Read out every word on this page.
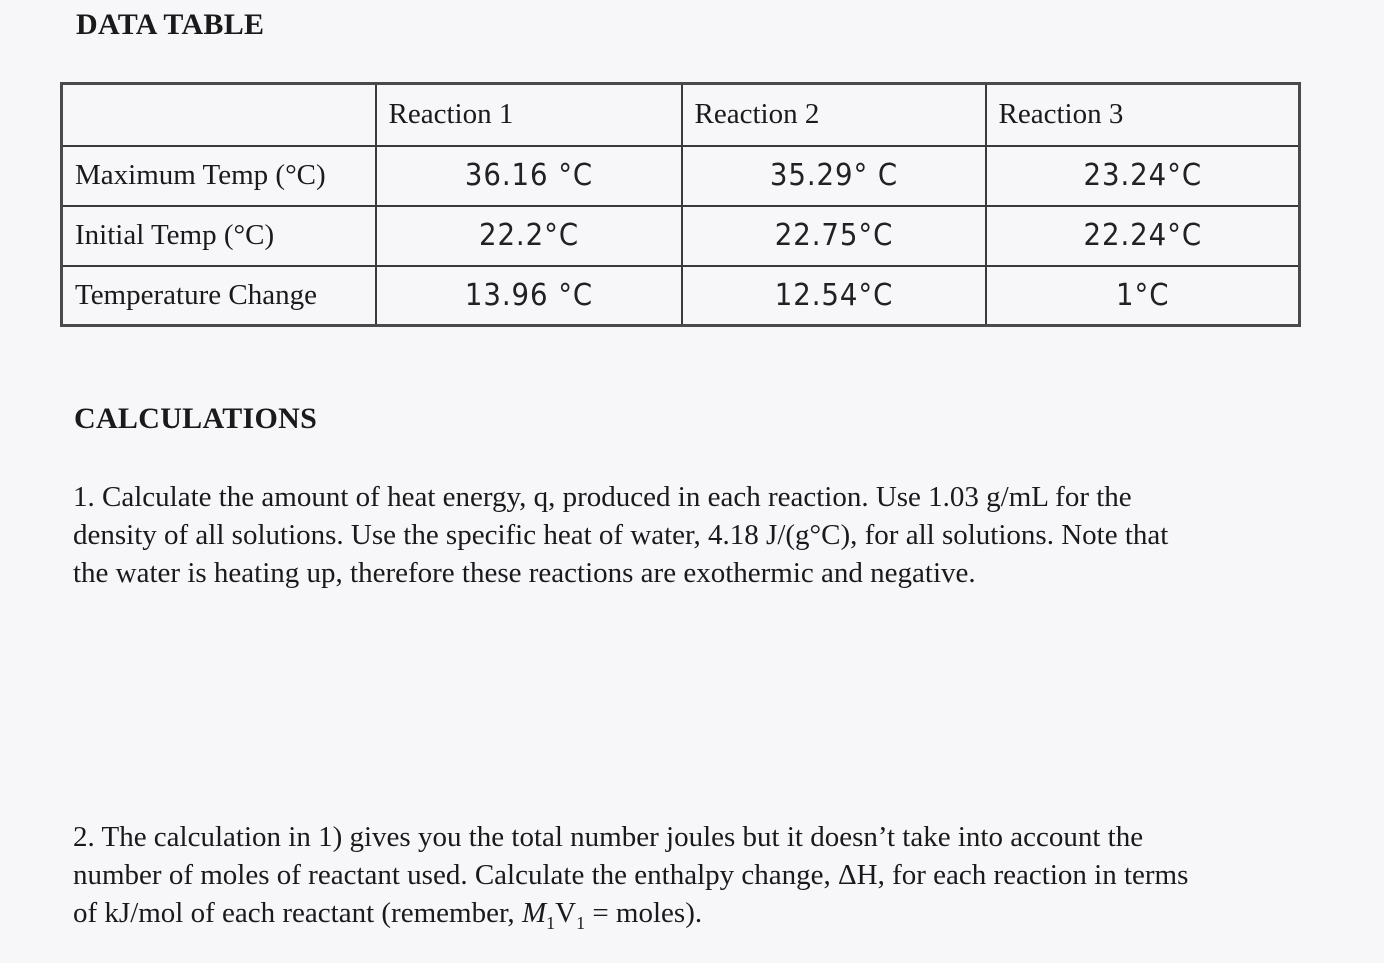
DATA TABLE
	Reaction 1	Reaction 2	Reaction 3
Maximum Temp (°C)	36.16 °C	35.29° C	23.24°C
Initial Temp (°C)	22.2°C	22.75°C	22.24°C
Temperature Change	13.96 °C	12.54°C	1°C
CALCULATIONS
1. Calculate the amount of heat energy, q, produced in each reaction. Use 1.03 g/mL for the
density of all solutions. Use the specific heat of water, 4.18 J/(g°C), for all solutions. Note that
the water is heating up, therefore these reactions are exothermic and negative.
2. The calculation in 1) gives you the total number joules but it doesn’t take into account the
number of moles of reactant used. Calculate the enthalpy change, ΔH, for each reaction in terms
of kJ/mol of each reactant (remember, $M_1V_1$ = moles).
